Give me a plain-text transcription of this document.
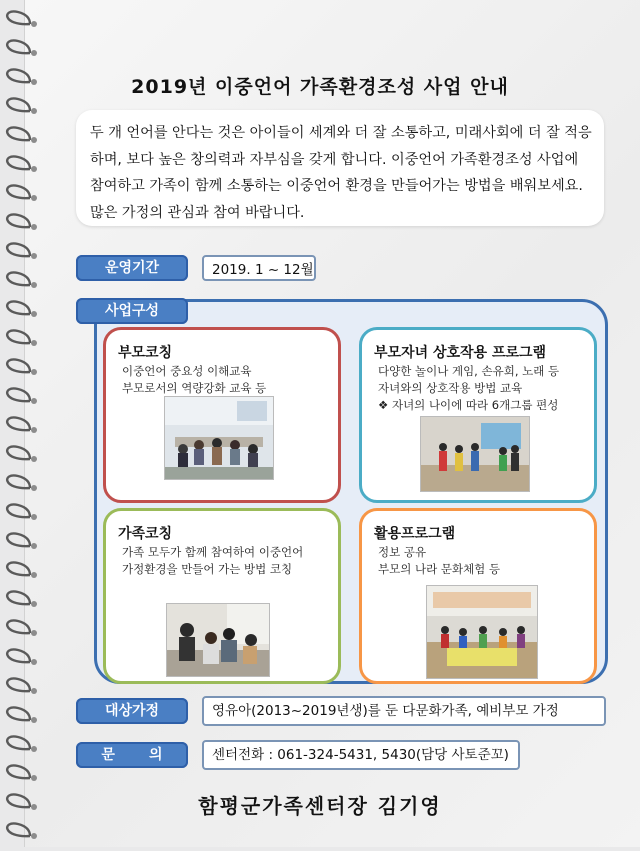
2019년 이중언어 가족환경조성 사업 안내

두 개 언어를 안다는 것은 아이들이 세계와 더 잘 소통하고, 미래사회에 더 잘 적응하며, 보다 높은 창의력과 자부심을 갖게 합니다. 이중언어 가족환경조성 사업에 참여하고 가족이 함께 소통하는 이중언어 환경을 만들어가는 방법을 배워보세요. 많은 가정의 관심과 참여 바랍니다.

운영기간	2019. 1 ~ 12월
사업구성
부모코칭
이중언어 중요성 이해교육
부모로서의 역량강화 교육 등
부모자녀 상호작용 프로그램
다양한 놀이나 게임, 손유희, 노래 등
자녀와의 상호작용 방법 교육
❖ 자녀의 나이에 따라 6개그룹 편성
가족코칭
가족 모두가 함께 참여하여 이중언어
가정환경을 만들어 가는 방법 코칭
활용프로그램
정보 공유
부모의 나라 문화체험 등
대상가정	영유아(2013~2019년생)를 둔 다문화가족, 예비부모 가정
문       의	센터전화 : 061-324-5431, 5430(담당 사토준꼬)
함평군가족센터장 김기영
